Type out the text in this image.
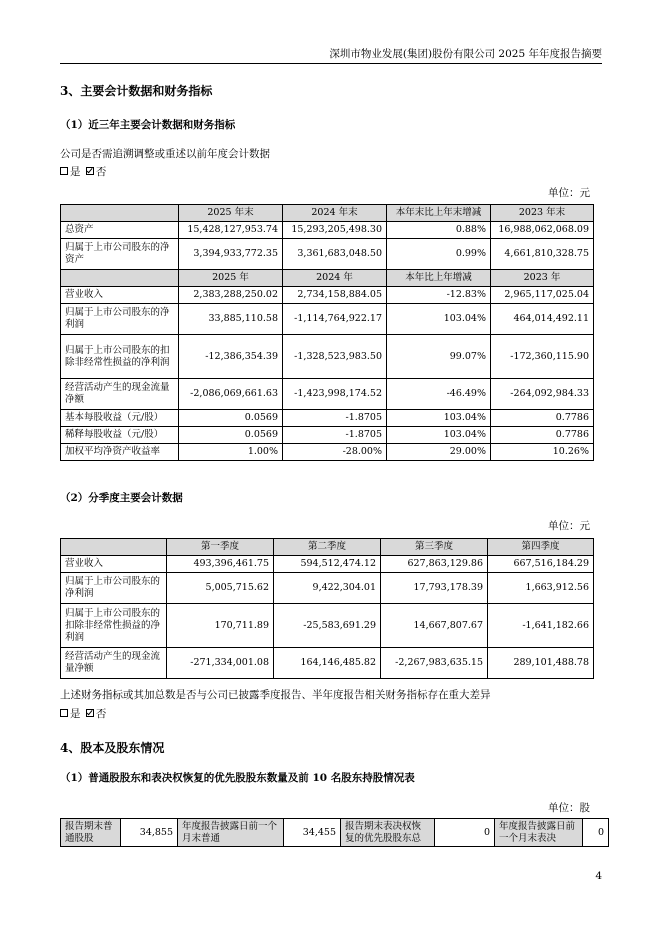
深圳市物业发展(集团)股份有限公司 2025 年年度报告摘要
3、主要会计数据和财务指标
（1）近三年主要会计数据和财务指标
公司是否需追溯调整或重述以前年度会计数据
是 否
单位：元
	2025 年末	2024 年末	本年末比上年末增减	2023 年末
总资产	15,428,127,953.74	15,293,205,498.30	0.88%	16,988,062,068.09
归属于上市公司股东的净资产	3,394,933,772.35	3,361,683,048.50	0.99%	4,661,810,328.75
	2025 年	2024 年	本年比上年增减	2023 年
营业收入	2,383,288,250.02	2,734,158,884.05	-12.83%	2,965,117,025.04
归属于上市公司股东的净利润	33,885,110.58	-1,114,764,922.17	103.04%	464,014,492.11
归属于上市公司股东的扣除非经常性损益的净利润	-12,386,354.39	-1,328,523,983.50	99.07%	-172,360,115.90
经营活动产生的现金流量净额	-2,086,069,661.63	-1,423,998,174.52	-46.49%	-264,092,984.33
基本每股收益（元/股）	0.0569	-1.8705	103.04%	0.7786
稀释每股收益（元/股）	0.0569	-1.8705	103.04%	0.7786
加权平均净资产收益率	1.00%	-28.00%	29.00%	10.26%
（2）分季度主要会计数据
单位：元
	第一季度	第二季度	第三季度	第四季度
营业收入	493,396,461.75	594,512,474.12	627,863,129.86	667,516,184.29
归属于上市公司股东的净利润	5,005,715.62	9,422,304.01	17,793,178.39	1,663,912.56
归属于上市公司股东的扣除非经常性损益的净利润	170,711.89	-25,583,691.29	14,667,807.67	-1,641,182.66
经营活动产生的现金流量净额	-271,334,001.08	164,146,485.82	-2,267,983,635.15	289,101,488.78
上述财务指标或其加总数是否与公司已披露季度报告、半年度报告相关财务指标存在重大差异
是 否
4、股本及股东情况
（1）普通股股东和表决权恢复的优先股股东数量及前 10 名股东持股情况表
单位：股
报告期末普通股股	34,855	年度报告披露日前一个月末普通	34,455	报告期末表决权恢复的优先股股东总	0	年度报告披露日前一个月末表决	0
4
